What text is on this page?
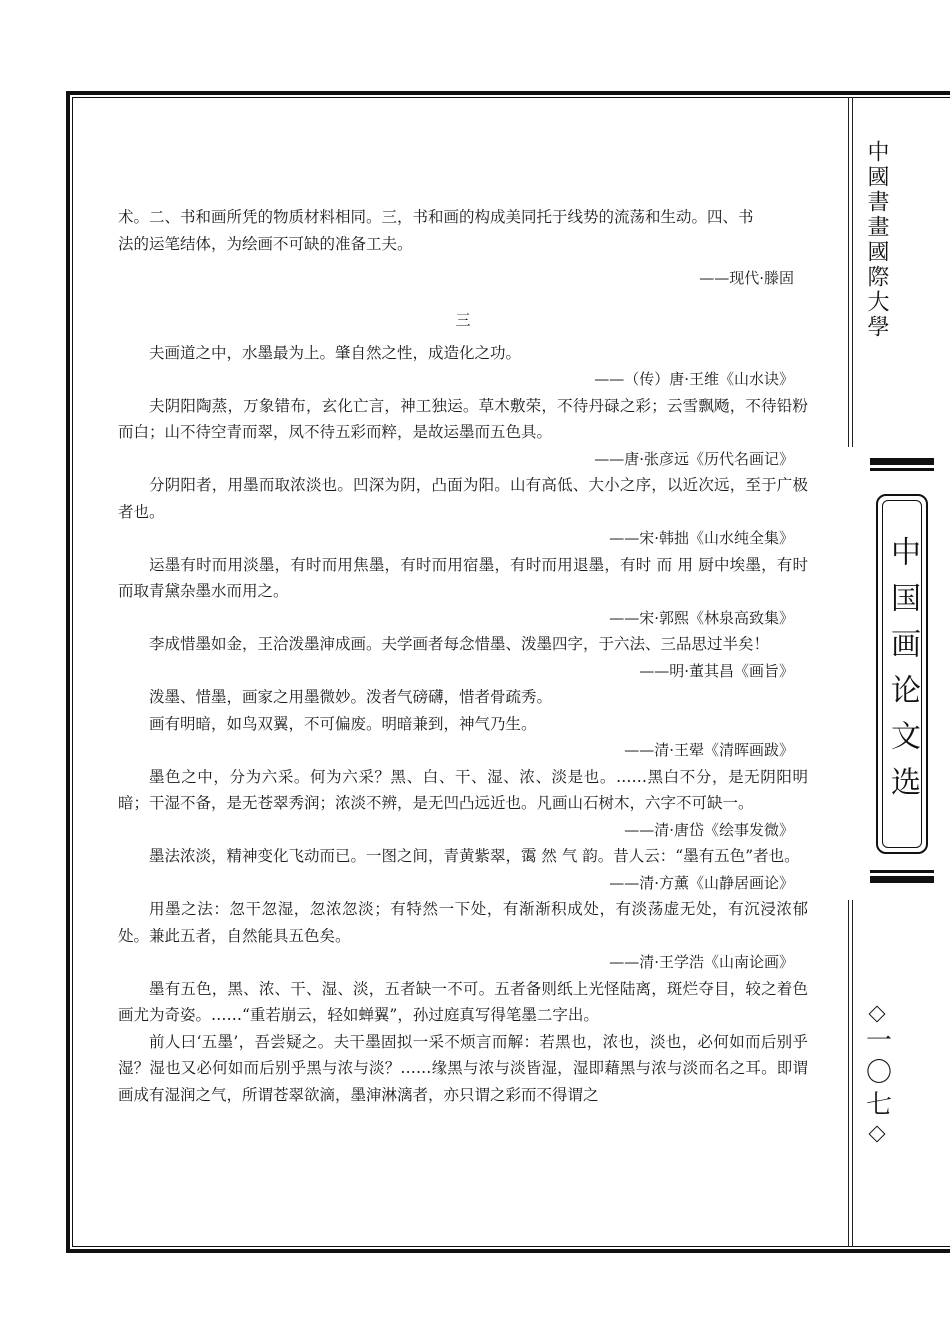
中國書畫國際大學
中国画论文选
一〇七

术。二、书和画所凭的物质材料相同。三，书和画的构成美同托于线势的流荡和生动。四、书

法的运笔结体，为绘画不可缺的准备工夫。

——现代·滕固

三

夫画道之中，水墨最为上。肇自然之性，成造化之功。

——（传）唐·王维《山水诀》

夫阴阳陶蒸，万象错布，玄化亡言，神工独运。草木敷荣，不待丹碌之彩；云雪飘飏，不待铅粉而白；山不待空青而翠，凤不待五彩而粹，是故运墨而五色具。

——唐·张彦远《历代名画记》

分阴阳者，用墨而取浓淡也。凹深为阴，凸面为阳。山有高低、大小之序，以近次远，至于广极者也。

——宋·韩拙《山水纯全集》

运墨有时而用淡墨，有时而用焦墨，有时而用宿墨，有时而用退墨，有时 而 用 厨中埃墨，有时而取青黛杂墨水而用之。

——宋·郭熙《林泉高致集》

李成惜墨如金，王洽泼墨渖成画。夫学画者每念惜墨、泼墨四字，于六法、三品思过半矣！

——明·董其昌《画旨》

泼墨、惜墨，画家之用墨微妙。泼者气磅礴，惜者骨疏秀。

画有明暗，如鸟双翼，不可偏废。明暗兼到，神气乃生。

——清·王翚《清晖画跋》

墨色之中，分为六采。何为六采？黑、白、干、湿、浓、淡是也。……黑白不分，是无阴阳明暗；干湿不备，是无苍翠秀润；浓淡不辨，是无凹凸远近也。凡画山石树木，六字不可缺一。

——清·唐岱《绘事发微》

墨法浓淡，精神变化飞动而已。一图之间，青黄紫翠，霭 然 气 韵。昔人云：“墨有五色”者也。

——清·方薰《山静居画论》

用墨之法：忽干忽湿，忽浓忽淡；有特然一下处，有渐渐积成处，有淡荡虚无处，有沉浸浓郁处。兼此五者，自然能具五色矣。

——清·王学浩《山南论画》

墨有五色，黑、浓、干、湿、淡，五者缺一不可。五者备则纸上光怪陆离，斑烂夺目，较之着色画尤为奇姿。……“重若崩云，轻如蝉翼”，孙过庭真写得笔墨二字出。

前人曰‘五墨’，吾尝疑之。夫干墨固拟一采不烦言而解：若黑也，浓也，淡也，必何如而后别乎湿？湿也又必何如而后别乎黑与浓与淡？……缘黑与浓与淡皆湿，湿即藉黑与浓与淡而名之耳。即谓画成有湿润之气，所谓苍翠欲滴，墨渖淋漓者，亦只谓之彩而不得谓之
